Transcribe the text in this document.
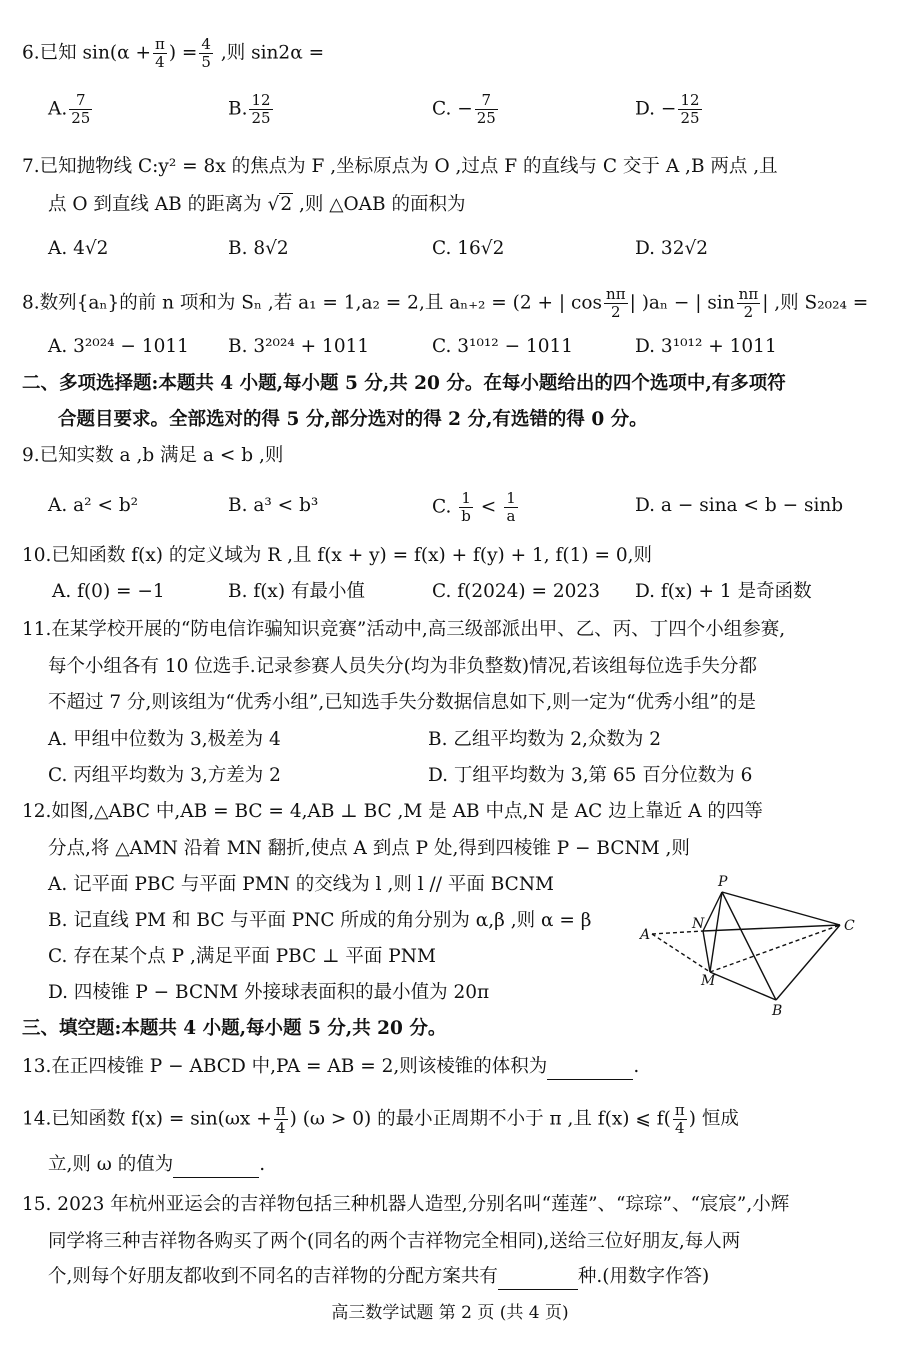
6.已知 $\sin(\alpha + \frac{\pi}{4}$ ) = $\frac{4}{5}$ ,则 sin2α =
A. $\frac{7}{25}$	B. $\frac{12}{25}$	C. − $\frac{7}{25}$	D. − $\frac{12}{25}$
7.已知抛物线 C:y² = 8x 的焦点为 F ,坐标原点为 O ,过点 F 的直线与 C 交于 A ,B 两点 ,且
点 O 到直线 AB 的距离为 √2 ,则 △OAB 的面积为
A. 4√2	B. 8√2	C. 16√2	D. 32√2
8.数列{aₙ}的前 n 项和为 Sₙ ,若 a₁ = 1,a₂ = 2,且 aₙ₊₂ = (2 + | $\cos \frac{n\pi}{2}$ | )aₙ − | $\sin \frac{n\pi}{2}$ | ,则 S₂₀₂₄ =
A. 3²⁰²⁴ − 1011 B. 3²⁰²⁴ + 1011	C. 3¹⁰¹² − 1011	D. 3¹⁰¹² + 1011
二、多项选择题:本题共 4 小题,每小题 5 分,共 20 分。在每小题给出的四个选项中,有多项符
合题目要求。全部选对的得 5 分,部分选对的得 2 分,有选错的得 0 分。
9.已知实数 a ,b 满足 a < b ,则
A. a² < b²	B. a³ < b³	C. $\frac{1}{b} < \frac{1}{a}$	D. a − sina < b − sinb
10.已知函数 f(x) 的定义域为 R ,且 f(x + y) = f(x) + f(y) + 1, f(1) = 0,则
A. f(0) = −1	B. f(x) 有最小值	C. f(2024) = 2023 D. f(x) + 1 是奇函数
11.在某学校开展的“防电信诈骗知识竞赛”活动中,高三级部派出甲、乙、丙、丁四个小组参赛,
每个小组各有 10 位选手.记录参赛人员失分(均为非负整数)情况,若该组每位选手失分都
不超过 7 分,则该组为“优秀小组”,已知选手失分数据信息如下,则一定为“优秀小组”的是
A. 甲组中位数为 3,极差为 4	B. 乙组平均数为 2,众数为 2
C. 丙组平均数为 3,方差为 2	D. 丁组平均数为 3,第 65 百分位数为 6
12.如图,△ABC 中,AB = BC = 4,AB ⊥ BC ,M 是 AB 中点,N 是 AC 边上靠近 A 的四等
分点,将 △AMN 沿着 MN 翻折,使点 A 到点 P 处,得到四棱锥 P − BCNM ,则
A. 记平面 PBC 与平面 PMN 的交线为 l ,则 l // 平面 BCNM
B. 记直线 PM 和 BC 与平面 PNC 所成的角分别为 α,β ,则 α = β
C. 存在某个点 P ,满足平面 PBC ⊥ 平面 PNM
D. 四棱锥 P − BCNM 外接球表面积的最小值为 20π
P
N
A
C
M
B
三、填空题:本题共 4 小题,每小题 5 分,共 20 分。
13.在正四棱锥 P − ABCD 中,PA = AB = 2,则该棱锥的体积为	.
14.已知函数 $f(x) = \sin(\omega x + \frac{\pi}{4}$ ) (ω > 0) 的最小正周期不小于 π ,且 f(x) ⩽ $f( \frac{\pi}{4}$ ) 恒成
立,则 ω 的值为	.
15. 2023 年杭州亚运会的吉祥物包括三种机器人造型,分别名叫“莲莲”、“琮琮”、“宸宸”,小辉
同学将三种吉祥物各购买了两个(同名的两个吉祥物完全相同),送给三位好朋友,每人两
个,则每个好朋友都收到不同名的吉祥物的分配方案共有	种.(用数字作答)
高三数学试题 第 2 页 (共 4 页)
